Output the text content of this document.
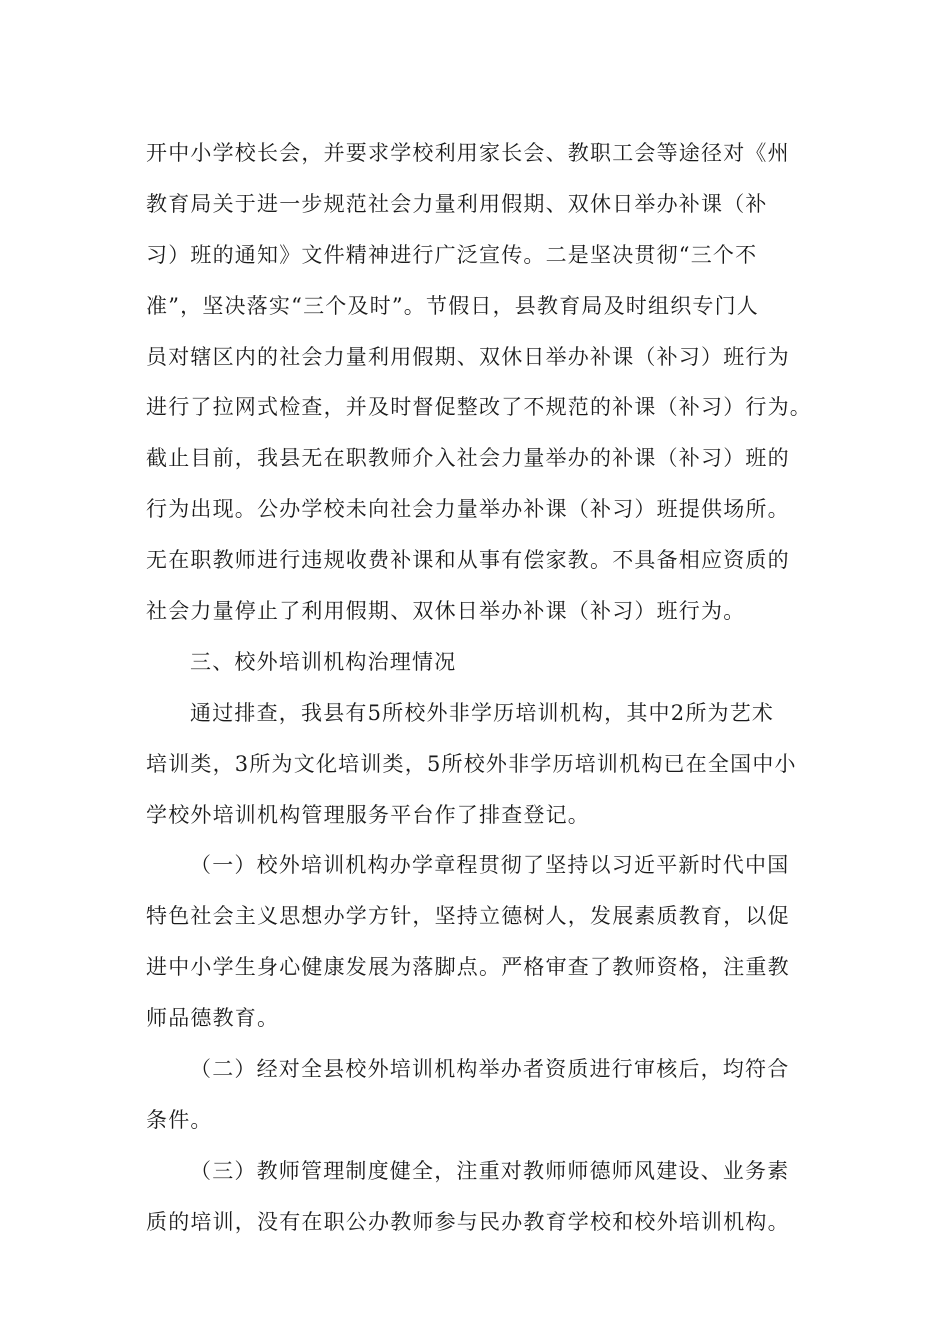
开中小学校长会，并要求学校利用家长会、教职工会等途径对《州
教育局关于进一步规范社会力量利用假期、双休日举办补课（补
习）班的通知》文件精神进行广泛宣传。二是坚决贯彻“三个不
准”，坚决落实“三个及时”。节假日，县教育局及时组织专门人
员对辖区内的社会力量利用假期、双休日举办补课（补习）班行为
进行了拉网式检查，并及时督促整改了不规范的补课（补习）行为。
截止目前，我县无在职教师介入社会力量举办的补课（补习）班的
行为出现。公办学校未向社会力量举办补课（补习）班提供场所。
无在职教师进行违规收费补课和从事有偿家教。不具备相应资质的
社会力量停止了利用假期、双休日举办补课（补习）班行为。
三、校外培训机构治理情况
通过排查，我县有5所校外非学历培训机构，其中2所为艺术
培训类，3所为文化培训类，5所校外非学历培训机构已在全国中小
学校外培训机构管理服务平台作了排查登记。
（一）校外培训机构办学章程贯彻了坚持以习近平新时代中国
特色社会主义思想办学方针，坚持立德树人，发展素质教育，以促
进中小学生身心健康发展为落脚点。严格审查了教师资格，注重教
师品德教育。
（二）经对全县校外培训机构举办者资质进行审核后，均符合
条件。
（三）教师管理制度健全，注重对教师师德师风建设、业务素
质的培训，没有在职公办教师参与民办教育学校和校外培训机构。
